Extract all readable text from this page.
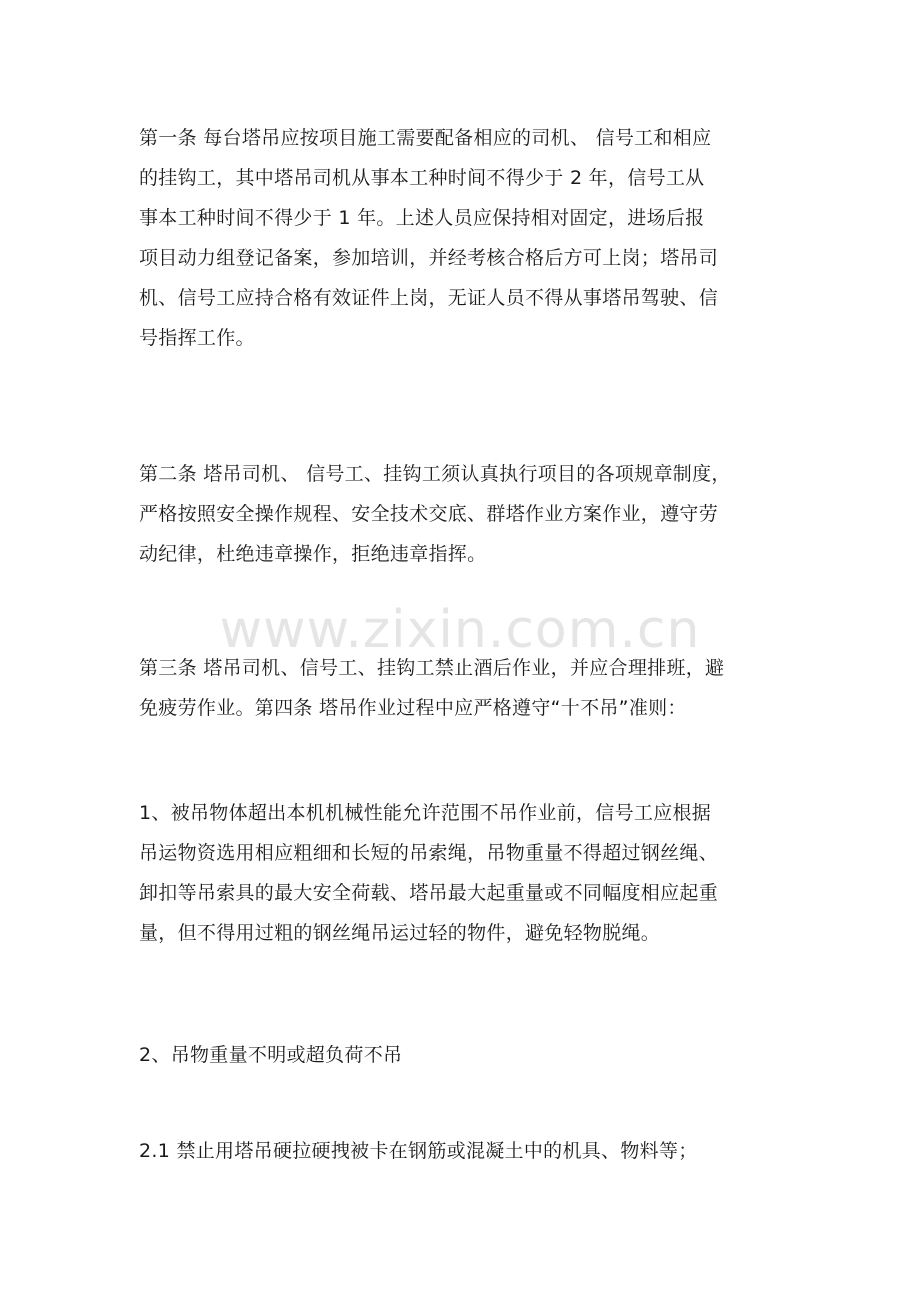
第一条 每台塔吊应按项目施工需要配备相应的司机、 信号工和相应
的挂钩工，其中塔吊司机从事本工种时间不得少于 2 年，信号工从
事本工种时间不得少于 1 年。上述人员应保持相对固定，进场后报
项目动力组登记备案，参加培训，并经考核合格后方可上岗；塔吊司
机、信号工应持合格有效证件上岗，无证人员不得从事塔吊驾驶、信
号指挥工作。
第二条 塔吊司机、 信号工、挂钩工须认真执行项目的各项规章制度，
严格按照安全操作规程、安全技术交底、群塔作业方案作业，遵守劳
动纪律，杜绝违章操作，拒绝违章指挥。
第三条 塔吊司机、信号工、挂钩工禁止酒后作业，并应合理排班，避
免疲劳作业。第四条 塔吊作业过程中应严格遵守“十不吊”准则：
1、被吊物体超出本机机械性能允许范围不吊作业前，信号工应根据
吊运物资选用相应粗细和长短的吊索绳，吊物重量不得超过钢丝绳、
卸扣等吊索具的最大安全荷载、塔吊最大起重量或不同幅度相应起重
量，但不得用过粗的钢丝绳吊运过轻的物件，避免轻物脱绳。
2、吊物重量不明或超负荷不吊
2.1 禁止用塔吊硬拉硬拽被卡在钢筋或混凝土中的机具、物料等；
www.zixin.com.cn
